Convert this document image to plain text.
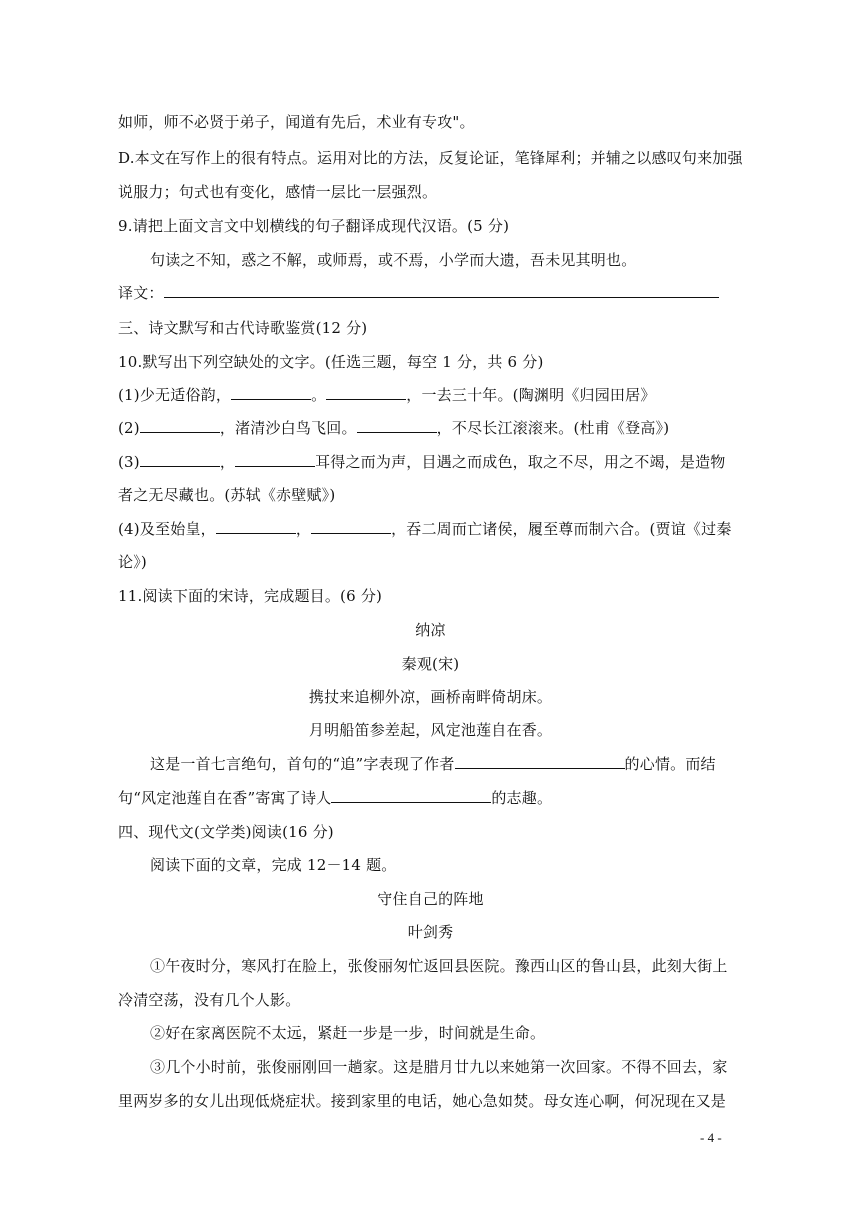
如师，师不必贤于弟子，闻道有先后，术业有专攻"。
D.本文在写作上的很有特点。运用对比的方法，反复论证，笔锋犀利；并辅之以感叹句来加强
说服力；句式也有变化，感情一层比一层强烈。
9.请把上面文言文中划横线的句子翻译成现代汉语。(5 分)
句读之不知，惑之不解，或师焉，或不焉，小学而大遗，吾未见其明也。
译文：
三、诗文默写和古代诗歌鉴赏(12 分)
10.默写出下列空缺处的文字。(任选三题，每空 1 分，共 6 分)
(1)少无适俗韵，	。	，一去三十年。(陶渊明《归园田居》
(2)	，渚清沙白鸟飞回。	，不尽长江滚滚来。(杜甫《登高》)
(3)	，	耳得之而为声，目遇之而成色，取之不尽，用之不竭，是造物
者之无尽藏也。(苏轼《赤壁赋》)
(4)及至始皇，	，	，吞二周而亡诸侯，履至尊而制六合。(贾谊《过秦
论》)
11.阅读下面的宋诗，完成题目。(6 分)
纳凉
秦观(宋)
携扙来追柳外凉，画桥南畔倚胡床。
月明船笛参差起，风定池莲自在香。
这是一首七言绝句，首句的“追”字表现了作者	的心情。而结
句“风定池莲自在香”寄寓了诗人	的志趣。
四、现代文(文学类)阅读(16 分)
阅读下面的文章，完成 12－14 题。
守住自己的阵地
叶剑秀
①午夜时分，寒风打在脸上，张俊丽匆忙返回县医院。豫西山区的鲁山县，此刻大街上
冷清空荡，没有几个人影。
②好在家离医院不太远，紧赶一步是一步，时间就是生命。
③几个小时前，张俊丽刚回一趟家。这是腊月廿九以来她第一次回家。不得不回去，家
里两岁多的女儿出现低烧症状。接到家里的电话，她心急如焚。母女连心啊，何况现在又是
- 4 -
